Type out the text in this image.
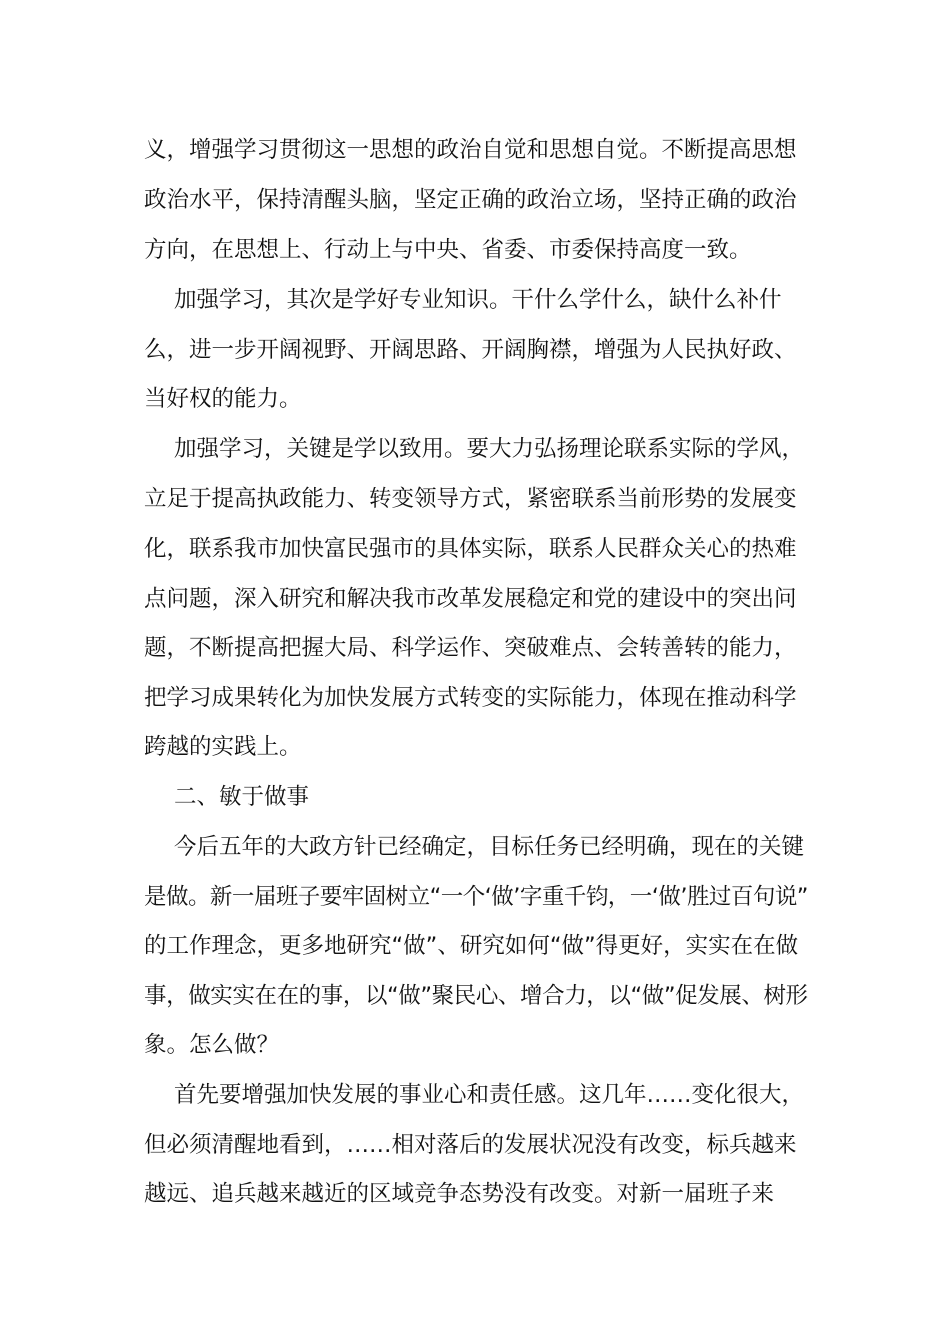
义，增强学习贯彻这一思想的政治自觉和思想自觉。不断提高思想
政治水平，保持清醒头脑，坚定正确的政治立场，坚持正确的政治
方向，在思想上、行动上与中央、省委、市委保持高度一致。
加强学习，其次是学好专业知识。干什么学什么，缺什么补什
么，进一步开阔视野、开阔思路、开阔胸襟，增强为人民执好政、
当好权的能力。
加强学习，关键是学以致用。要大力弘扬理论联系实际的学风，
立足于提高执政能力、转变领导方式，紧密联系当前形势的发展变
化，联系我市加快富民强市的具体实际，联系人民群众关心的热难
点问题，深入研究和解决我市改革发展稳定和党的建设中的突出问
题，不断提高把握大局、科学运作、突破难点、会转善转的能力，
把学习成果转化为加快发展方式转变的实际能力，体现在推动科学
跨越的实践上。
二、敏于做事
今后五年的大政方针已经确定，目标任务已经明确，现在的关键
是做。新一届班子要牢固树立“一个‘做’字重千钧，一‘做’胜过百句说”
的工作理念，更多地研究“做”、研究如何“做”得更好，实实在在做
事，做实实在在的事，以“做”聚民心、增合力，以“做”促发展、树形
象。怎么做？
首先要增强加快发展的事业心和责任感。这几年……变化很大，
但必须清醒地看到，……相对落后的发展状况没有改变，标兵越来
越远、追兵越来越近的区域竞争态势没有改变。对新一届班子来
